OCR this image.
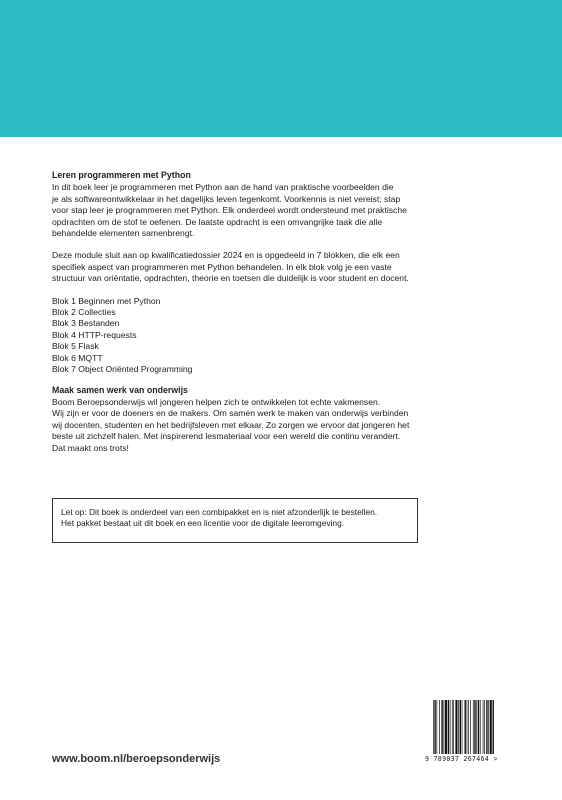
Leren programmeren met Python
In dit boek leer je programmeren met Python aan de hand van praktische voorbeelden die
je als softwareontwikkelaar in het dagelijks leven tegenkomt. Voorkennis is niet vereist; stap
voor stap leer je programmeren met Python. Elk onderdeel wordt ondersteund met praktische
opdrachten om de stof te oefenen. De laatste opdracht is een omvangrijke taak die alle
behandelde elementen samenbrengt.
Deze module sluit aan op kwalificatiedossier 2024 en is opgedeeld in 7 blokken, die elk een
specifiek aspect van programmeren met Python behandelen. In elk blok volg je een vaste
structuur van oriëntatie, opdrachten, theorie en toetsen die duidelijk is voor student en docent.
Blok 1 Beginnen met Python
Blok 2 Collecties
Blok 3 Bestanden
Blok 4 HTTP-requests
Blok 5 Flask
Blok 6 MQTT
Blok 7 Object Oriënted Programming
Maak samen werk van onderwijs
Boom Beroepsonderwijs wil jongeren helpen zich te ontwikkelen tot echte vakmensen.
Wij zijn er voor de doeners en de makers. Om samen werk te maken van onderwijs verbinden
wij docenten, studenten en het bedrijfsleven met elkaar. Zo zorgen we ervoor dat jongeren het
beste uit zichzelf halen. Met inspirerend lesmateriaal voor een wereld die continu verandert.
Dat maakt ons trots!
Let op: Dit boek is onderdeel van een combipakket en is niet afzonderlijk te bestellen.
Het pakket bestaat uit dit boek en een licentie voor de digitale leeromgeving.
www.boom.nl/beroepsonderwijs	9 789037 267464 >
